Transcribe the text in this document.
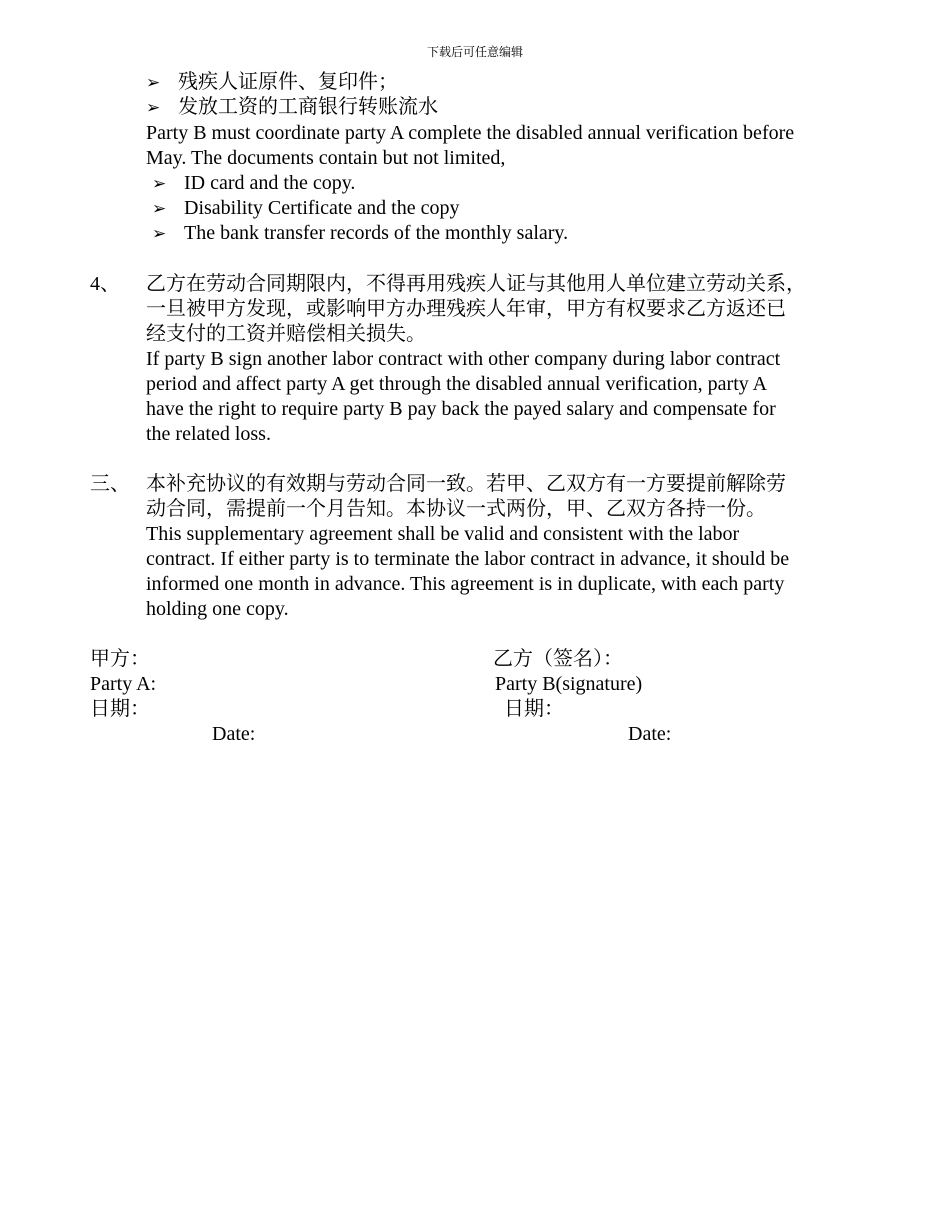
下载后可任意编辑
➢ 残疾人证原件、复印件；
➢ 发放工资的工商银行转账流水
Party B must coordinate party A complete the disabled annual verification before
May. The documents contain but not limited,
➢ ID card and the copy.
➢ Disability Certificate and the copy
➢ The bank transfer records of the monthly salary.
4、 乙方在劳动合同期限内，不得再用残疾人证与其他用人单位建立劳动关系，
一旦被甲方发现，或影响甲方办理残疾人年审，甲方有权要求乙方返还已
经支付的工资并赔偿相关损失。
If party B sign another labor contract with other company during labor contract
period and affect party A get through the disabled annual verification, party A
have the right to require party B pay back the payed salary and compensate for
the related loss.
三、 本补充协议的有效期与劳动合同一致。若甲、乙双方有一方要提前解除劳
动合同，需提前一个月告知。本协议一式两份，甲、乙双方各持一份。
This supplementary agreement shall be valid and consistent with the labor
contract. If either party is to terminate the labor contract in advance, it should be
informed one month in advance. This agreement is in duplicate, with each party
holding one copy.
甲方：	乙方（签名）：
Party A:	Party B(signature)
日期：	日期：
Date:	Date:
